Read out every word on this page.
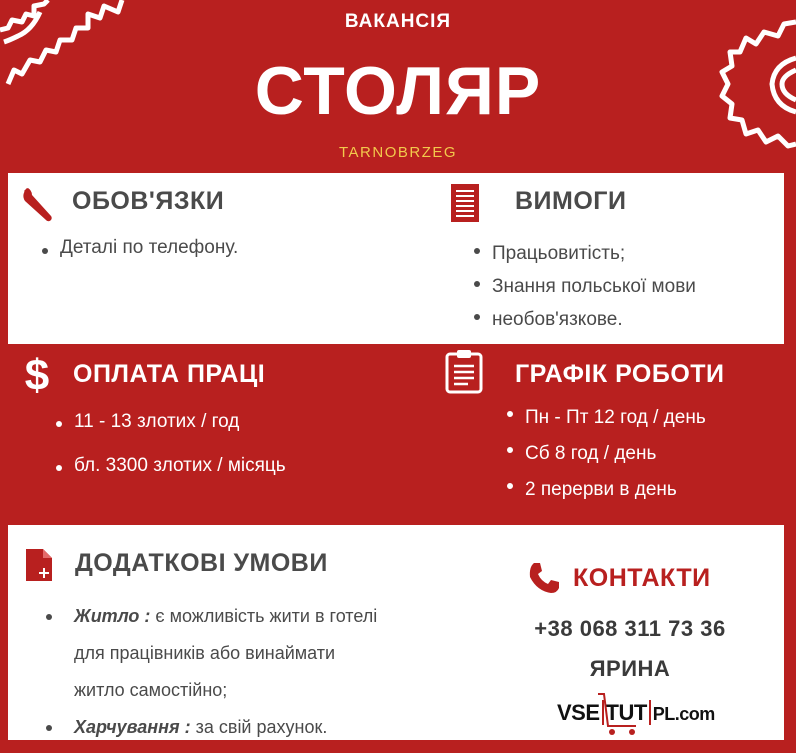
ВАКАНСІЯ
СТОЛЯР
TARNOBRZEG
ОБОВ'ЯЗКИ
Деталі по телефону.
ВИМОГИ
Працьовитість;
Знання польської мови
необов'язкове.
$ ОПЛАТА ПРАЦІ
11 - 13 злотих / год
бл. 3300 злотих / місяць
ГРАФІК РОБОТИ
Пн - Пт 12 год / день
Сб 8 год / день
2 перерви в день
ДОДАТКОВІ УМОВИ
Житло : є можливість жити в готелі
для працівників або винаймати
житло самостійно;
Харчування : за свій рахунок.
КОНТАКТИ
+38 068 311 73 36
ЯРИНА
VSE TUT PL.com
